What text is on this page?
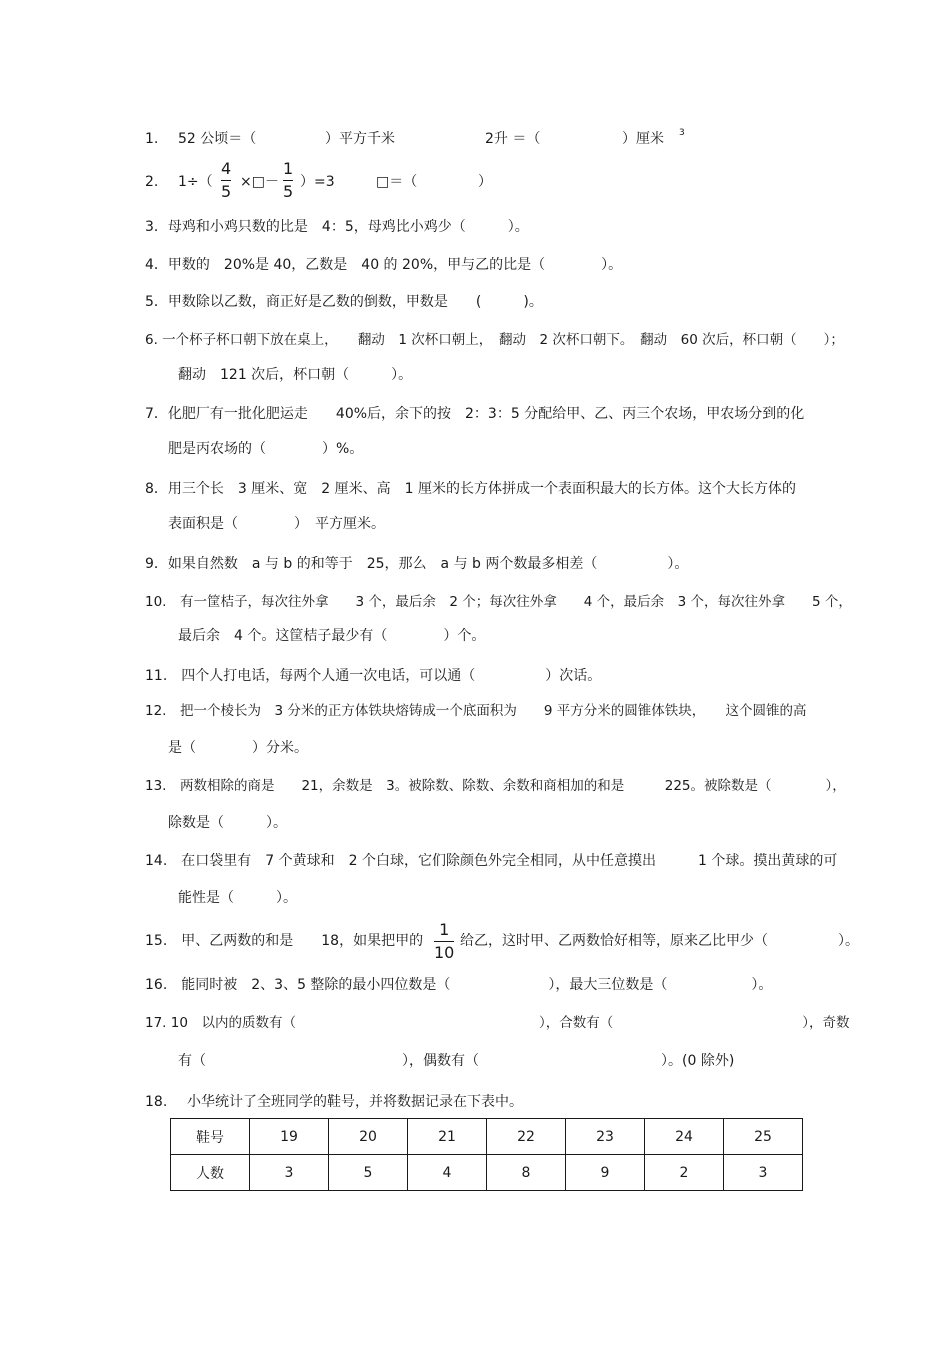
1. 52 公顷＝（	）平方千米	2升 ＝（	）厘米 3
2. 1÷（
4
5 ×□－
1
5 ）=3	□＝（	）
3．母鸡和小鸡只数的比是　4：5，母鸡比小鸡少（　　　）。
4．甲数的　20%是 40，乙数是　40 的 20%，甲与乙的比是（　　　　）。
5．甲数除以乙数，商正好是乙数的倒数，甲数是　　(　　　)。
6. 一个杯子杯口朝下放在桌上，　　翻动　1 次杯口朝上，　翻动　2 次杯口朝下。　翻动　60 次后，杯口朝（　　）；
翻动　121 次后，杯口朝（　　　）。
7．化肥厂有一批化肥运走　　40%后，余下的按　2：3：5 分配给甲、乙、丙三个农场，甲农场分到的化
肥是丙农场的（　　　　）%。
8．用三个长　3 厘米、宽　2 厘米、高　1 厘米的长方体拼成一个表面积最大的长方体。这个大长方体的
表面积是（　　　　）　平方厘米。
9．如果自然数　a 与 b 的和等于　25，那么　a 与 b 两个数最多相差（　　　　　）。
10.　有一筐桔子，每次往外拿　　3 个，最后余　2 个；每次往外拿　　4 个，最后余　3 个，每次往外拿　　5 个，
最后余　4 个。这筐桔子最少有（　　　　）个。
11.　四个人打电话，每两个人通一次电话，可以通（　　　　　）次话。
12.　把一个棱长为　3 分米的正方体铁块熔铸成一个底面积为　　9 平方分米的圆锥体铁块，　　这个圆锥的高
是（　　　　）分米。
13.　两数相除的商是　　21，余数是　3。被除数、除数、余数和商相加的和是　　　225。被除数是（　　　　），
除数是（　　　）。
14.　在口袋里有　7 个黄球和　2 个白球，它们除颜色外完全相同，从中任意摸出　　　1 个球。摸出黄球的可
能性是（　　　）。
15.　甲、乙两数的和是　　18，如果把甲的
1
10
给乙，这时甲、乙两数恰好相等，原来乙比甲少（　　　　　）。
16.　能同时被　2、3、5 整除的最小四位数是（　　　　　　　），最大三位数是（　　　　　　）。
17. 10　以内的质数有（　　　　　　　　　　　　　　　　　　），合数有（　　　　　　　　　　　　　　），奇数
有（　　　　　　　　　　　　　　），偶数有（　　　　　　　　　　　　　）。(0 除外)
18. 小华统计了全班同学的鞋号，并将数据记录在下表中。
鞋号	19	20	21	22	23	24	25
人数	3	5	4	8	9	2	3
